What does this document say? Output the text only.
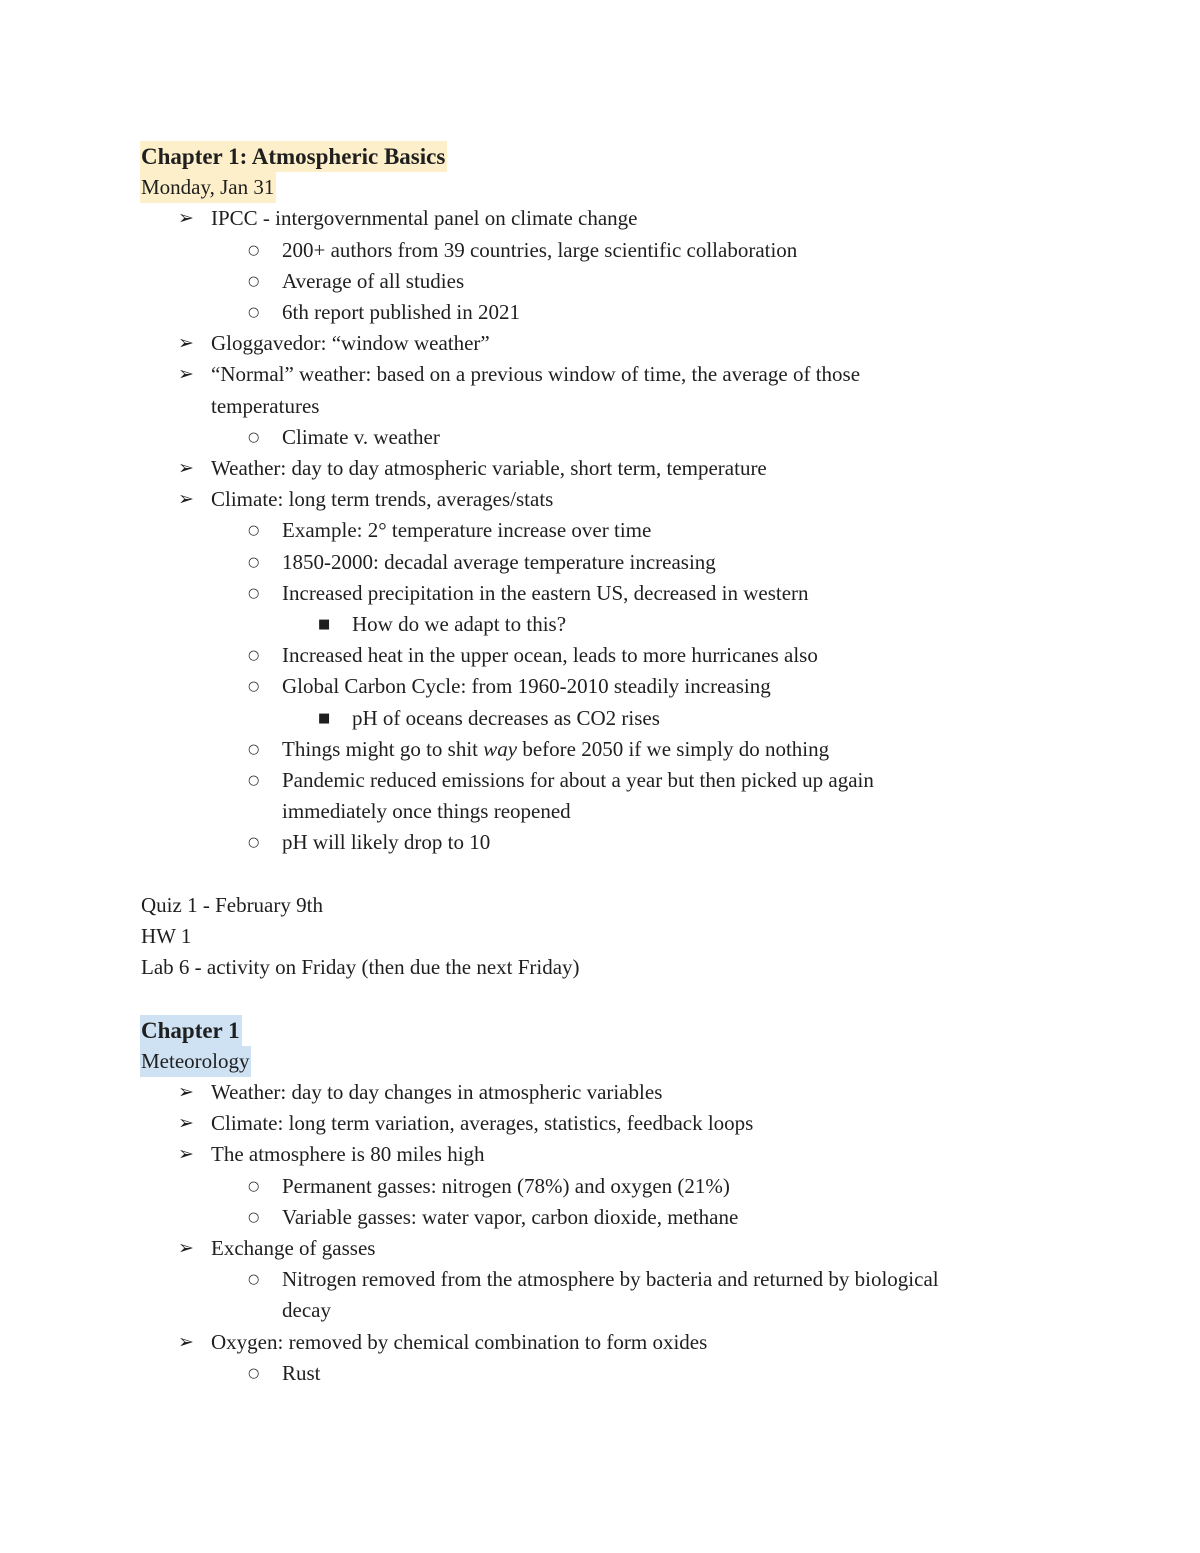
Chapter 1: Atmospheric Basics
Monday, Jan 31
➢ IPCC - intergovernmental panel on climate change
○	200+ authors from 39 countries, large scientific collaboration
○	Average of all studies
○	6th report published in 2021
➢ Gloggavedor: “window weather”
➢ “Normal” weather: based on a previous window of time, the average of those
temperatures
○	Climate v. weather
➢ Weather: day to day atmospheric variable, short term, temperature
➢ Climate: long term trends, averages/stats
○	Example: 2° temperature increase over time
○	1850-2000: decadal average temperature increasing
○	Increased precipitation in the eastern US, decreased in western
■	How do we adapt to this?
○	Increased heat in the upper ocean, leads to more hurricanes also
○	Global Carbon Cycle: from 1960-2010 steadily increasing
■	pH of oceans decreases as CO2 rises
○	Things might go to shit way before 2050 if we simply do nothing
○	Pandemic reduced emissions for about a year but then picked up again
immediately once things reopened
○	pH will likely drop to 10
Quiz 1 - February 9th
HW 1
Lab 6 - activity on Friday (then due the next Friday)
Chapter 1
Meteorology
➢ Weather: day to day changes in atmospheric variables
➢ Climate: long term variation, averages, statistics, feedback loops
➢ The atmosphere is 80 miles high
○	Permanent gasses: nitrogen (78%) and oxygen (21%)
○	Variable gasses: water vapor, carbon dioxide, methane
➢ Exchange of gasses
○	Nitrogen removed from the atmosphere by bacteria and returned by biological
decay
➢ Oxygen: removed by chemical combination to form oxides
○	Rust
